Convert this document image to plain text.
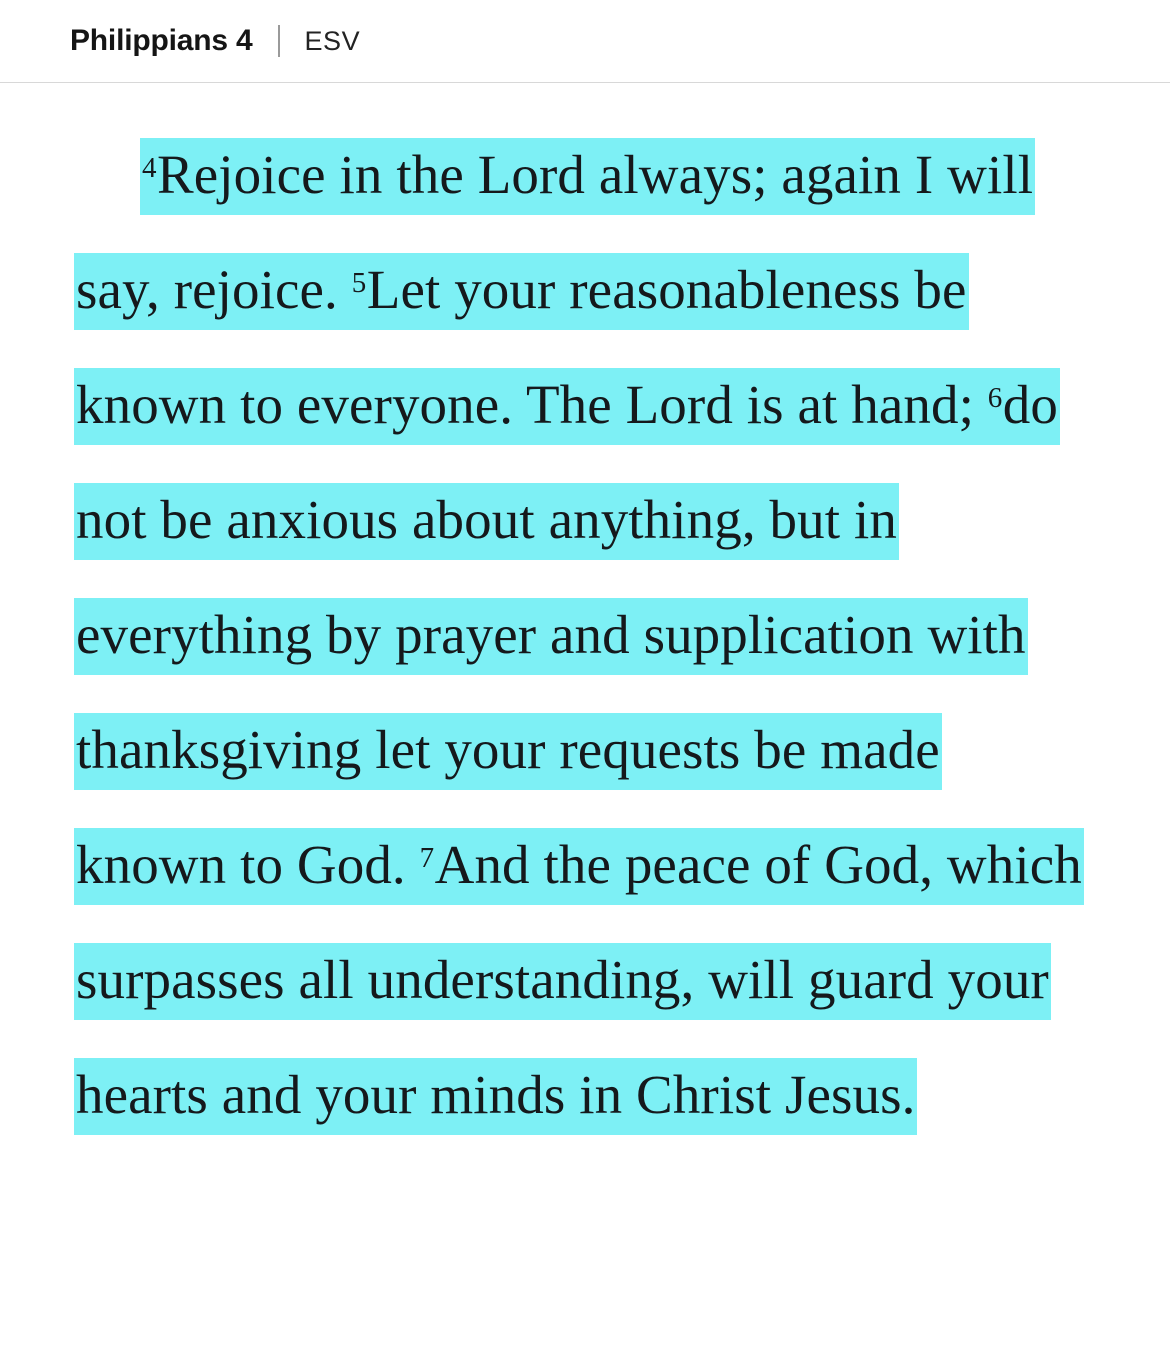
Philippians 4 ESV

$^4$Rejoice in the Lord always; again I will say, rejoice. $^5$Let your reasonableness be known to everyone. The Lord is at hand; $^6$do not be anxious about anything, but in everything by prayer and supplication with thanksgiving let your requests be made known to God. $^7$And the peace of God, which surpasses all understanding, will guard your hearts and your minds in Christ Jesus.
